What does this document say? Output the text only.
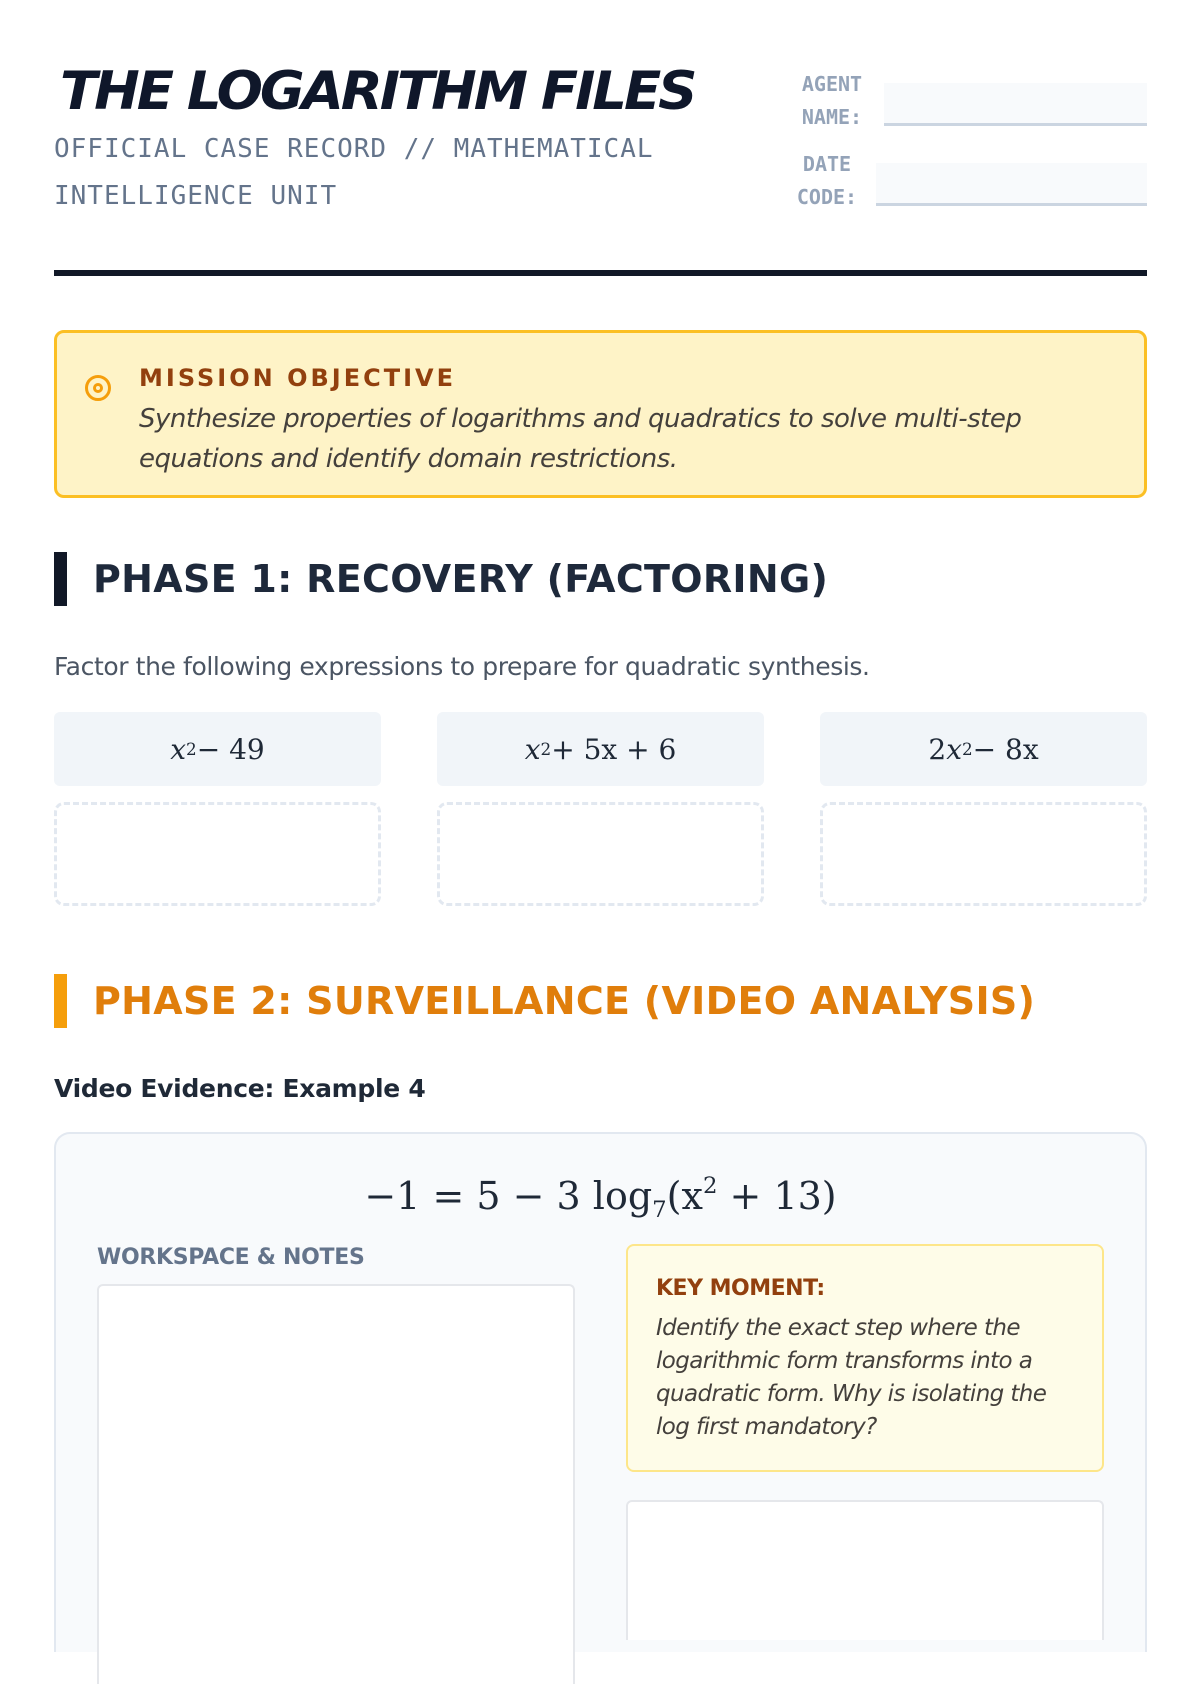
THE LOGARITHM FILES
OFFICIAL CASE RECORD // MATHEMATICAL INTELLIGENCE UNIT
AGENT NAME:
DATE CODE:
MISSION OBJECTIVE
Synthesize properties of logarithms and quadratics to solve multi-step equations and identify domain restrictions.
PHASE 1: RECOVERY (FACTORING)
Factor the following expressions to prepare for quadratic synthesis.
x 2 − 49	x 2 + 5x + 6	2 x 2 − 8x
PHASE 2: SURVEILLANCE (VIDEO ANALYSIS)
Video Evidence: Example 4
−1 = 5 − 3 $\log_7(x^2 + 13)$
WORKSPACE & NOTES
KEY MOMENT:
Identify the exact step where the logarithmic form transforms into a quadratic form. Why is isolating the log first mandatory?
